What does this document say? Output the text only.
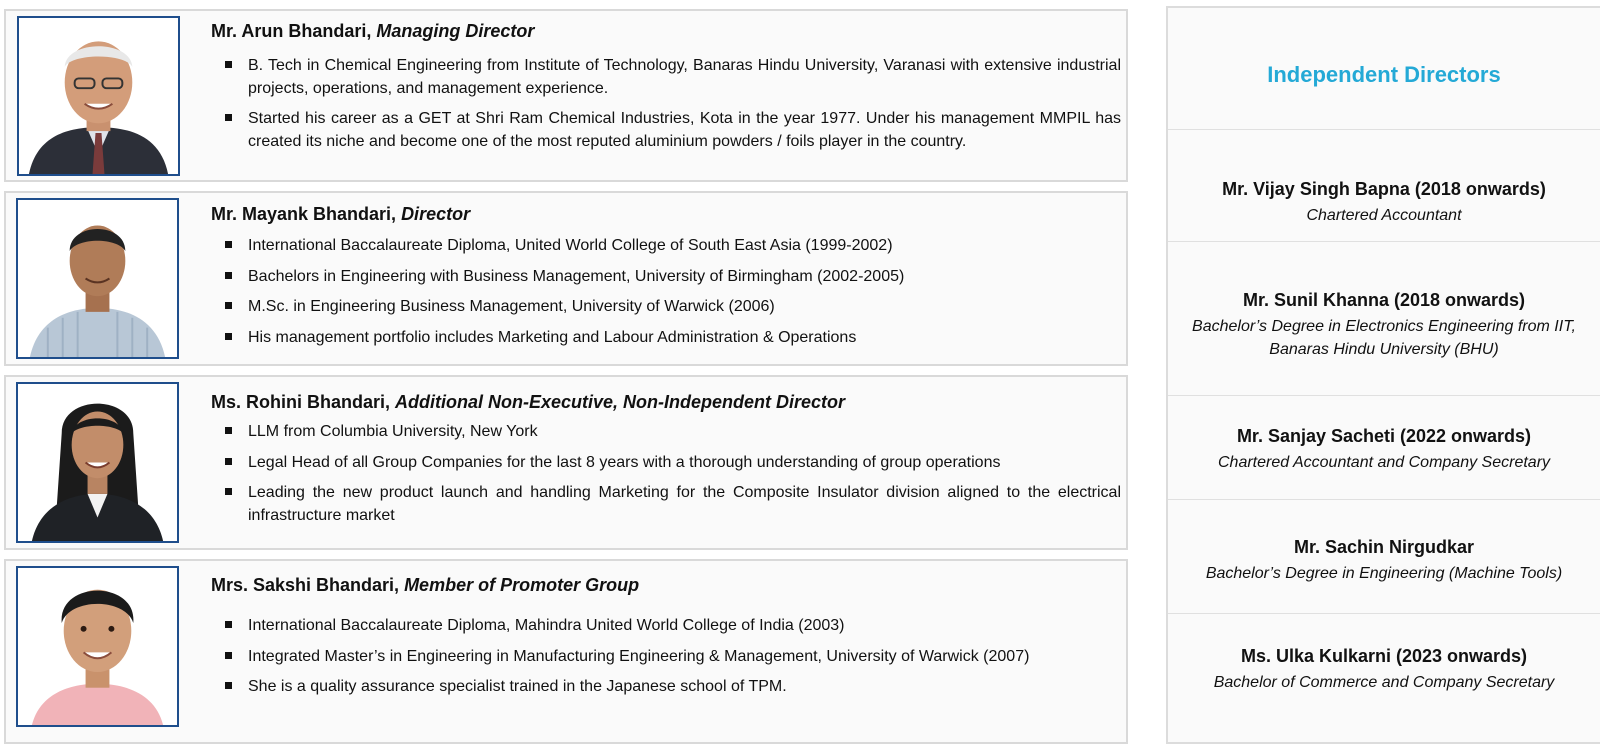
Mr. Arun Bhandari, Managing Director
B. Tech in Chemical Engineering from Institute of Technology, Banaras Hindu University, Varanasi with extensive industrial projects, operations, and management experience.
Started his career as a GET at Shri Ram Chemical Industries, Kota in the year 1977. Under his management MMPIL has created its niche and become one of the most reputed aluminium powders / foils player in the country.
Mr. Mayank Bhandari, Director
International Baccalaureate Diploma, United World College of South East Asia (1999-2002)
Bachelors in Engineering with Business Management, University of Birmingham (2002-2005)
M.Sc. in Engineering Business Management, University of Warwick (2006)
His management portfolio includes Marketing and Labour Administration & Operations
Ms. Rohini Bhandari, Additional Non-Executive, Non-Independent Director
LLM from Columbia University, New York
Legal Head of all Group Companies for the last 8 years with a thorough understanding of group operations
Leading the new product launch and handling Marketing for the Composite Insulator division aligned to the electrical infrastructure market
Mrs. Sakshi Bhandari, Member of Promoter Group
International Baccalaureate Diploma, Mahindra United World College of India (2003)
Integrated Master’s in Engineering in Manufacturing Engineering & Management, University of Warwick (2007)
She is a quality assurance specialist trained in the Japanese school of TPM.
Independent Directors
Mr. Vijay Singh Bapna (2018 onwards)
Chartered Accountant
Mr. Sunil Khanna (2018 onwards)
Bachelor’s Degree in Electronics Engineering from IIT, Banaras Hindu University (BHU)
Mr. Sanjay Sacheti (2022 onwards)
Chartered Accountant and Company Secretary
Mr. Sachin Nirgudkar
Bachelor’s Degree in Engineering (Machine Tools)
Ms. Ulka Kulkarni (2023 onwards)
Bachelor of Commerce and Company Secretary
